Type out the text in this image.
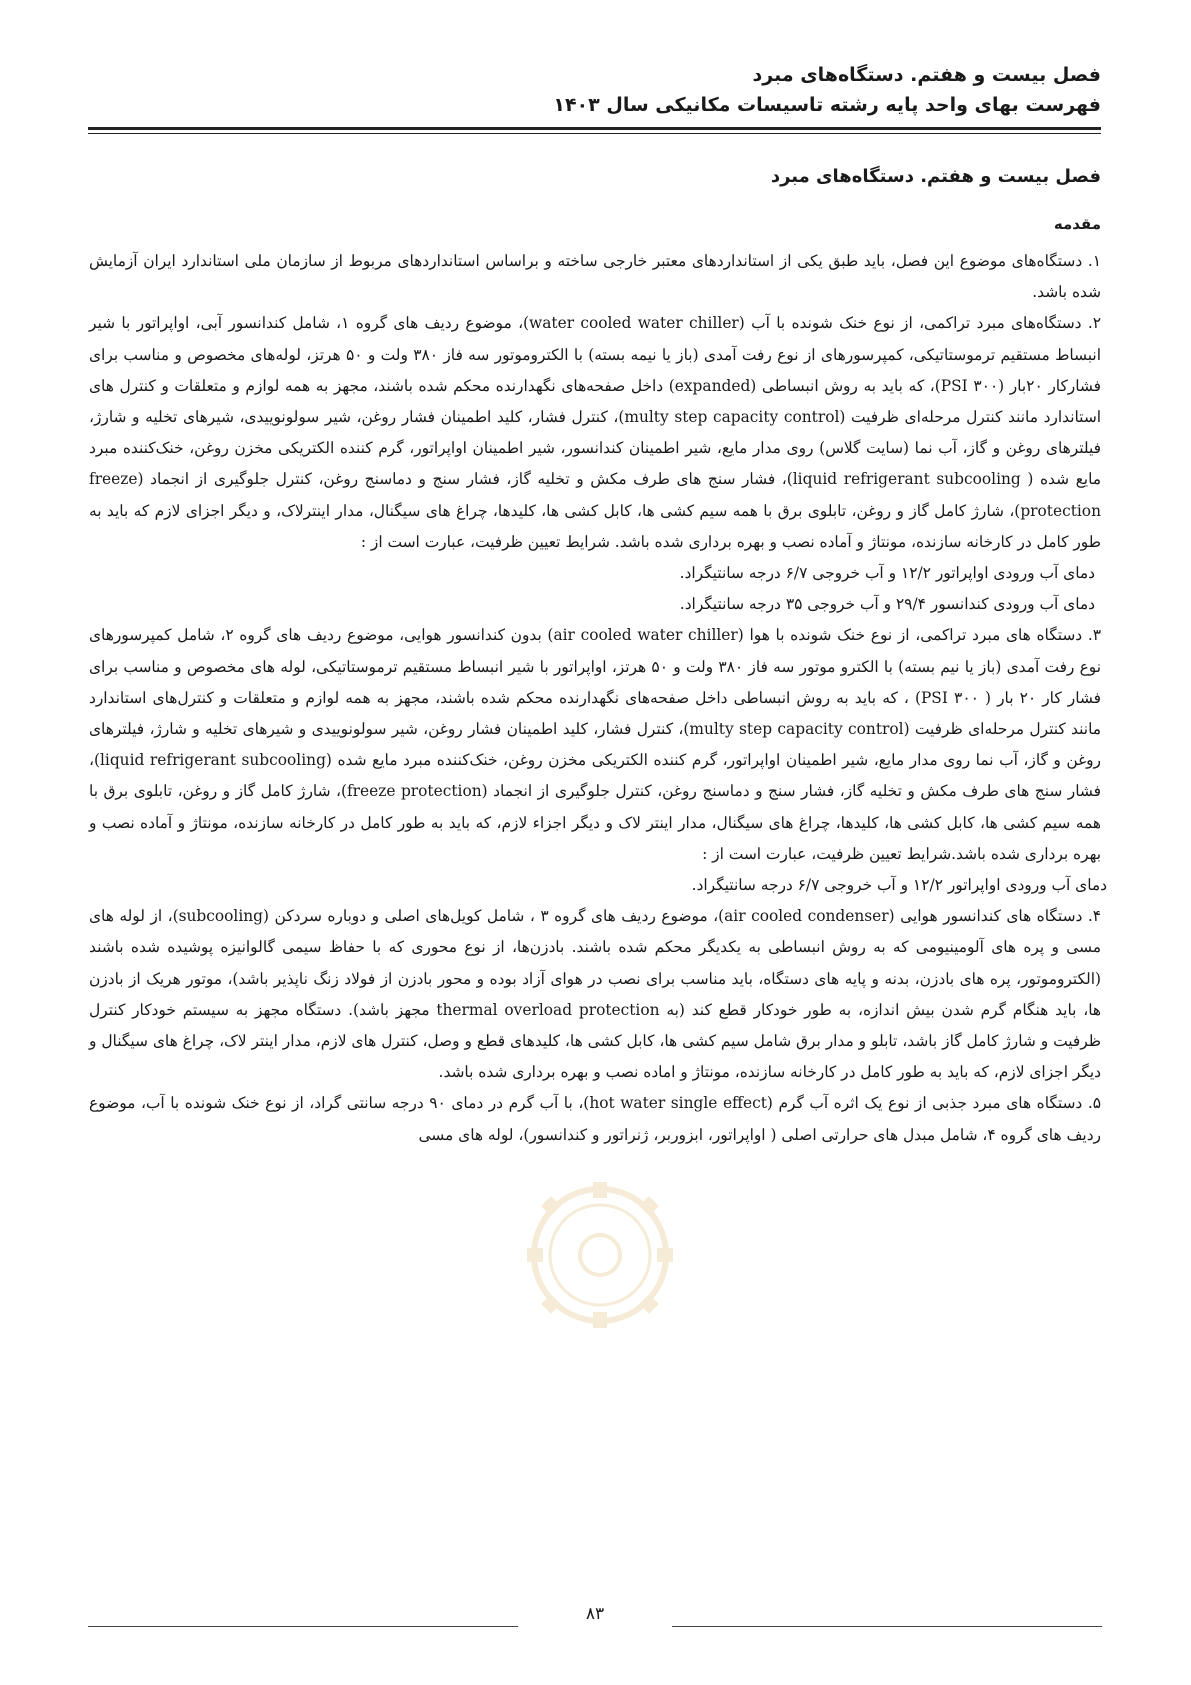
فصل بیست و هفتم. دستگاه‌های مبرد
فهرست بهای واحد پایه رشته تاسیسات مکانیکی سال ۱۴۰۳
فصل بیست و هفتم. دستگاه‌های مبرد
مقدمه

۱. دستگاه‌های موضوع این فصل، باید طبق یکی از استانداردهای معتبر خارجی ساخته و براساس استانداردهای مربوط از سازمان ملی استاندارد ایران آزمایش شده باشد.

۲. دستگاه‌های مبرد تراکمی، از نوع خنک شونده با آب (water cooled water chiller)، موضوع ردیف های گروه ۱، شامل کندانسور آبی، اواپراتور با شیر انبساط مستقیم ترموستاتیکی، کمپرسورهای از نوع رفت آمدی (باز یا نیمه بسته) با الکتروموتور سه فاز ۳۸۰ ولت و ۵۰ هرتز، لوله‌های مخصوص و مناسب برای فشارکار ۲۰بار (۳۰۰ PSI)، که باید به روش انبساطی (expanded) داخل صفحه‌های نگهدارنده محکم شده باشند، مجهز به همه لوازم و متعلقات و کنترل های استاندارد مانند کنترل مرحله‌ای ظرفیت (multy step capacity control)، کنترل فشار، کلید اطمینان فشار روغن، شیر سولونوییدی، شیرهای تخلیه و شارژ، فیلترهای روغن و گاز، آب نما (سایت گلاس) روی مدار مایع، شیر اطمینان کندانسور، شیر اطمینان اواپراتور، گرم کننده الکتریکی مخزن روغن، خنک‌کننده مبرد مایع شده ( liquid refrigerant subcooling)، فشار سنج های طرف مکش و تخلیه گاز، فشار سنج و دماسنج روغن، کنترل جلوگیری از انجماد (freeze protection)، شارژ کامل گاز و روغن، تابلوی برق با همه سیم کشی ها، کابل کشی ها، کلیدها، چراغ های سیگنال، مدار اینترلاک، و دیگر اجزای لازم که باید به طور کامل در کارخانه سازنده، مونتاژ و آماده نصب و بهره برداری شده باشد. شرایط تعیین ظرفیت، عبارت است از :

دمای آب ورودی اواپراتور ۱۲/۲ و آب خروجی ۶/۷ درجه سانتیگراد.

دمای آب ورودی کندانسور ۲۹/۴ و آب خروجی ۳۵ درجه سانتیگراد.

۳. دستگاه های مبرد تراکمی، از نوع خنک شونده با هوا (air cooled water chiller) بدون کندانسور هوایی، موضوع ردیف های گروه ۲، شامل کمپرسورهای نوع رفت آمدی (باز یا نیم بسته) با الکترو موتور سه فاز ۳۸۰ ولت و ۵۰ هرتز، اواپراتور با شیر انبساط مستقیم ترموستاتیکی، لوله های مخصوص و مناسب برای فشار کار ۲۰ بار ( ۳۰۰ PSI) ، که باید به روش انبساطی داخل صفحه‌های نگهدارنده محکم شده باشند، مجهز به همه لوازم و متعلقات و کنترل‌های استاندارد مانند کنترل مرحله‌ای ظرفیت (multy step capacity control)، کنترل فشار، کلید اطمینان فشار روغن، شیر سولونوییدی و شیرهای تخلیه و شارژ، فیلترهای روغن و گاز، آب نما روی مدار مایع، شیر اطمینان اواپراتور، گرم کننده الکتریکی مخزن روغن، خنک‌کننده مبرد مایع شده (liquid refrigerant subcooling)، فشار سنج های طرف مکش و تخلیه گاز، فشار سنج و دماسنج روغن، کنترل جلوگیری از انجماد (freeze protection)، شارژ کامل گاز و روغن، تابلوی برق با همه سیم کشی ها، کابل کشی ها، کلیدها، چراغ های سیگنال، مدار اینتر لاک و دیگر اجزاء لازم، که باید به طور کامل در کارخانه سازنده، مونتاژ و آماده نصب و بهره برداری شده باشد.شرایط تعیین ظرفیت، عبارت است از :

دمای آب ورودی اواپراتور ۱۲/۲ و آب خروجی ۶/۷ درجه سانتیگراد.

۴. دستگاه های کندانسور هوایی (air cooled condenser)، موضوع ردیف های گروه ۳ ، شامل کویل‌های اصلی و دوباره سردکن (subcooling)، از لوله های مسی و پره های آلومینیومی که به روش انبساطی به یکدیگر محکم شده باشند. بادزن‌ها، از نوع محوری که با حفاظ سیمی گالوانیزه پوشیده شده باشند (الکتروموتور، پره های بادزن، بدنه و پایه های دستگاه، باید مناسب برای نصب در هوای آزاد بوده و محور بادزن از فولاد زنگ ناپذیر باشد)، موتور هریک از بادزن ها، باید هنگام گرم شدن بیش اندازه، به طور خودکار قطع کند (به thermal overload protection مجهز باشد). دستگاه مجهز به سیستم خودکار کنترل ظرفیت و شارژ کامل گاز باشد، تابلو و مدار برق شامل سیم کشی ها، کابل کشی ها، کلیدهای قطع و وصل، کنترل های لازم، مدار اینتر لاک، چراغ های سیگنال و دیگر اجزای لازم، که باید به طور کامل در کارخانه سازنده، مونتاژ و اماده نصب و بهره برداری شده باشد.

۵. دستگاه های مبرد جذبی از نوع یک اثره آب گرم (hot water single effect)، با آب گرم در دمای ۹۰ درجه سانتی گراد، از نوع خنک شونده با آب، موضوع ردیف های گروه ۴، شامل مبدل های حرارتی اصلی ( اواپراتور، ابزوربر، ژنراتور و کندانسور)، لوله های مسی

۸۳
